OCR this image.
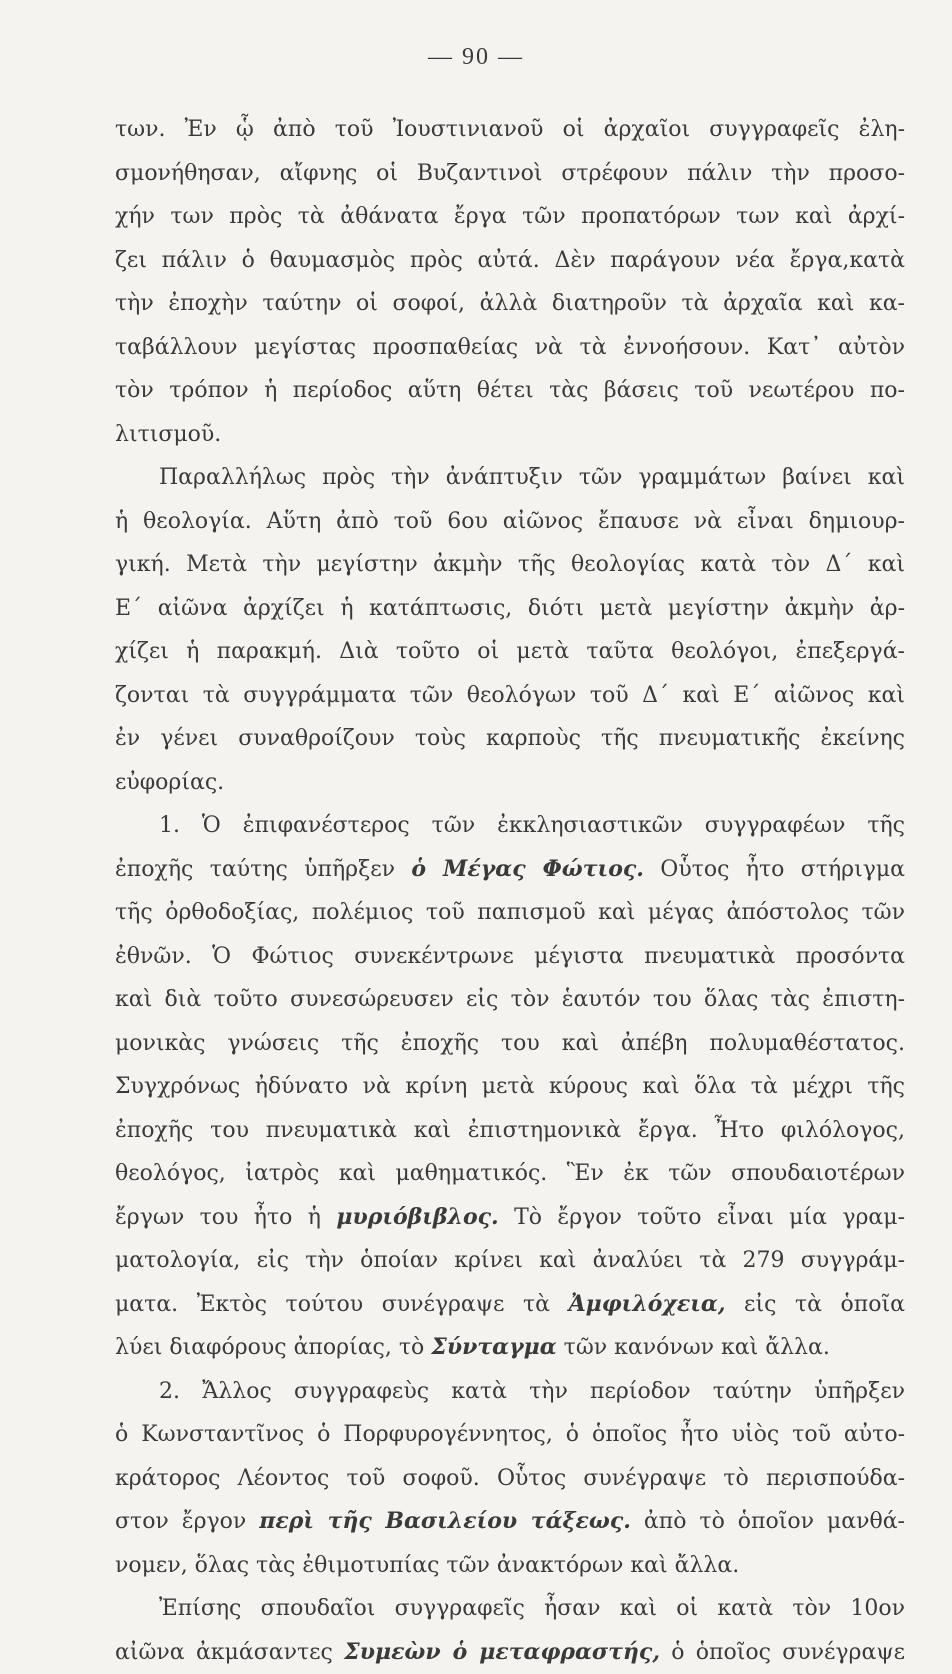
— 90 —
των. Ἐν ᾧ ἀπὸ τοῦ Ἰουστινιανοῦ οἱ ἀρχαῖοι συγγραφεῖς ἐλη-
σμονήθησαν, αἴφνης οἱ Βυζαντινοὶ στρέφουν πάλιν τὴν προσο-
χήν των πρὸς τὰ ἀθάνατα ἔργα τῶν προπατόρων των καὶ ἀρχί-
ζει πάλιν ὁ θαυμασμὸς πρὸς αὐτά. Δὲν παράγουν νέα ἔργα,κατὰ
τὴν ἐποχὴν ταύτην οἱ σοφοί, ἀλλὰ διατηροῦν τὰ ἀρχαῖα καὶ κα-
ταβάλλουν μεγίστας προσπαθείας νὰ τὰ ἐννοήσουν. Κατ᾽ αὐτὸν
τὸν τρόπον ἡ περίοδος αὕτη θέτει τὰς βάσεις τοῦ νεωτέρου πο-
λιτισμοῦ.
Παραλλήλως πρὸς τὴν ἀνάπτυξιν τῶν γραμμάτων βαίνει καὶ
ἡ θεολογία. Αὕτη ἀπὸ τοῦ 6ου αἰῶνος ἔπαυσε νὰ εἶναι δημιουρ-
γική. Μετὰ τὴν μεγίστην ἀκμὴν τῆς θεολογίας κατὰ τὸν Δ´ καὶ
Ε´ αἰῶνα ἀρχίζει ἡ κατάπτωσις, διότι μετὰ μεγίστην ἀκμὴν ἀρ-
χίζει ἡ παρακμή. Διὰ τοῦτο οἱ μετὰ ταῦτα θεολόγοι, ἐπεξεργά-
ζονται τὰ συγγράμματα τῶν θεολόγων τοῦ Δ´ καὶ Ε´ αἰῶνος καὶ
ἐν γένει συναθροίζουν τοὺς καρποὺς τῆς πνευματικῆς ἐκείνης
εὐφορίας.
1. Ὁ ἐπιφανέστερος τῶν ἐκκλησιαστικῶν συγγραφέων τῆς
ἐποχῆς ταύτης ὑπῆρξεν ὁ Μέγας Φώτιος. Οὗτος ἦτο στήριγμα
τῆς ὀρθοδοξίας, πολέμιος τοῦ παπισμοῦ καὶ μέγας ἀπόστολος τῶν
ἐθνῶν. Ὁ Φώτιος συνεκέντρωνε μέγιστα πνευματικὰ προσόντα
καὶ διὰ τοῦτο συνεσώρευσεν εἰς τὸν ἑαυτόν του ὅλας τὰς ἐπιστη-
μονικὰς γνώσεις τῆς ἐποχῆς του καὶ ἀπέβη πολυμαθέστατος.
Συγχρόνως ἠδύνατο νὰ κρίνη μετὰ κύρους καὶ ὅλα τὰ μέχρι τῆς
ἐποχῆς του πνευματικὰ καὶ ἐπιστημονικὰ ἔργα. Ἦτο φιλόλογος,
θεολόγος, ἰατρὸς καὶ μαθηματικός. Ἓν ἐκ τῶν σπουδαιοτέρων
ἔργων του ἦτο ἡ μυριόβιβλος. Τὸ ἔργον τοῦτο εἶναι μία γραμ-
ματολογία, εἰς τὴν ὁποίαν κρίνει καὶ ἀναλύει τὰ 279 συγγράμ-
ματα. Ἐκτὸς τούτου συνέγραψε τὰ Ἀμφιλόχεια, εἰς τὰ ὁποῖα
λύει διαφόρους ἀπορίας, τὸ Σύνταγμα τῶν κανόνων καὶ ἄλλα.
2. Ἄλλος συγγραφεὺς κατὰ τὴν περίοδον ταύτην ὑπῆρξεν
ὁ Κωνσταντῖνος ὁ Πορφυρογέννητος, ὁ ὁποῖος ἦτο υἱὸς τοῦ αὐτο-
κράτορος Λέοντος τοῦ σοφοῦ. Οὗτος συνέγραψε τὸ περισπούδα-
στον ἔργον περὶ τῆς Βασιλείου τάξεως. ἀπὸ τὸ ὁποῖον μανθά-
νομεν, ὅλας τὰς ἐθιμοτυπίας τῶν ἀνακτόρων καὶ ἄλλα.
Ἐπίσης σπουδαῖοι συγγραφεῖς ἦσαν καὶ οἱ κατὰ τὸν 10ον
αἰῶνα ἀκμάσαντες Συμεὼν ὁ μεταφραστής, ὁ ὁποῖος συνέγραψε
